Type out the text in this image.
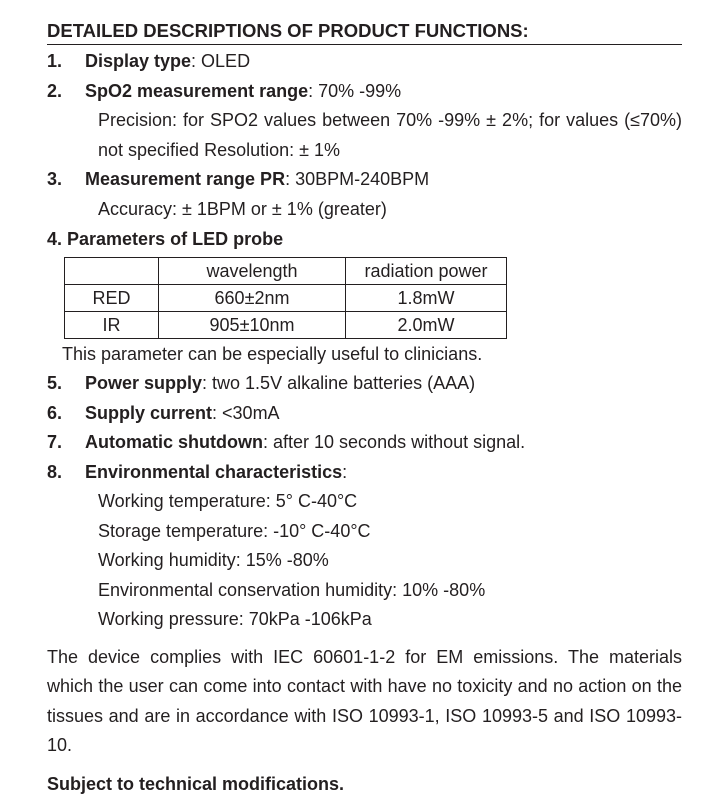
DETAILED DESCRIPTIONS OF PRODUCT FUNCTIONS:
1. Display type: OLED
2. SpO2 measurement range: 70% -99%
Precision: for SPO2 values between 70% -99% ± 2%; for values (≤70%) not specified Resolution: ± 1%
3. Measurement range PR: 30BPM-240BPM
Accuracy: ± 1BPM or ± 1% (greater)
4. Parameters of LED probe
	wavelength	radiation power
RED	660±2nm	1.8mW
IR	905±10nm	2.0mW
This parameter can be especially useful to clinicians.
5. Power supply: two 1.5V alkaline batteries (AAA)
6. Supply current: <30mA
7. Automatic shutdown: after 10 seconds without signal.
8. Environmental characteristics:
Working temperature: 5° C-40°C
Storage temperature: -10° C-40°C
Working humidity: 15% -80%
Environmental conservation humidity: 10% -80%
Working pressure: 70kPa -106kPa
The device complies with IEC 60601-1-2 for EM emissions. The materials which the user can come into contact with have no toxicity and no action on the tissues and are in accordance with ISO 10993-1, ISO 10993-5 and ISO 10993-10.
Subject to technical modifications.
